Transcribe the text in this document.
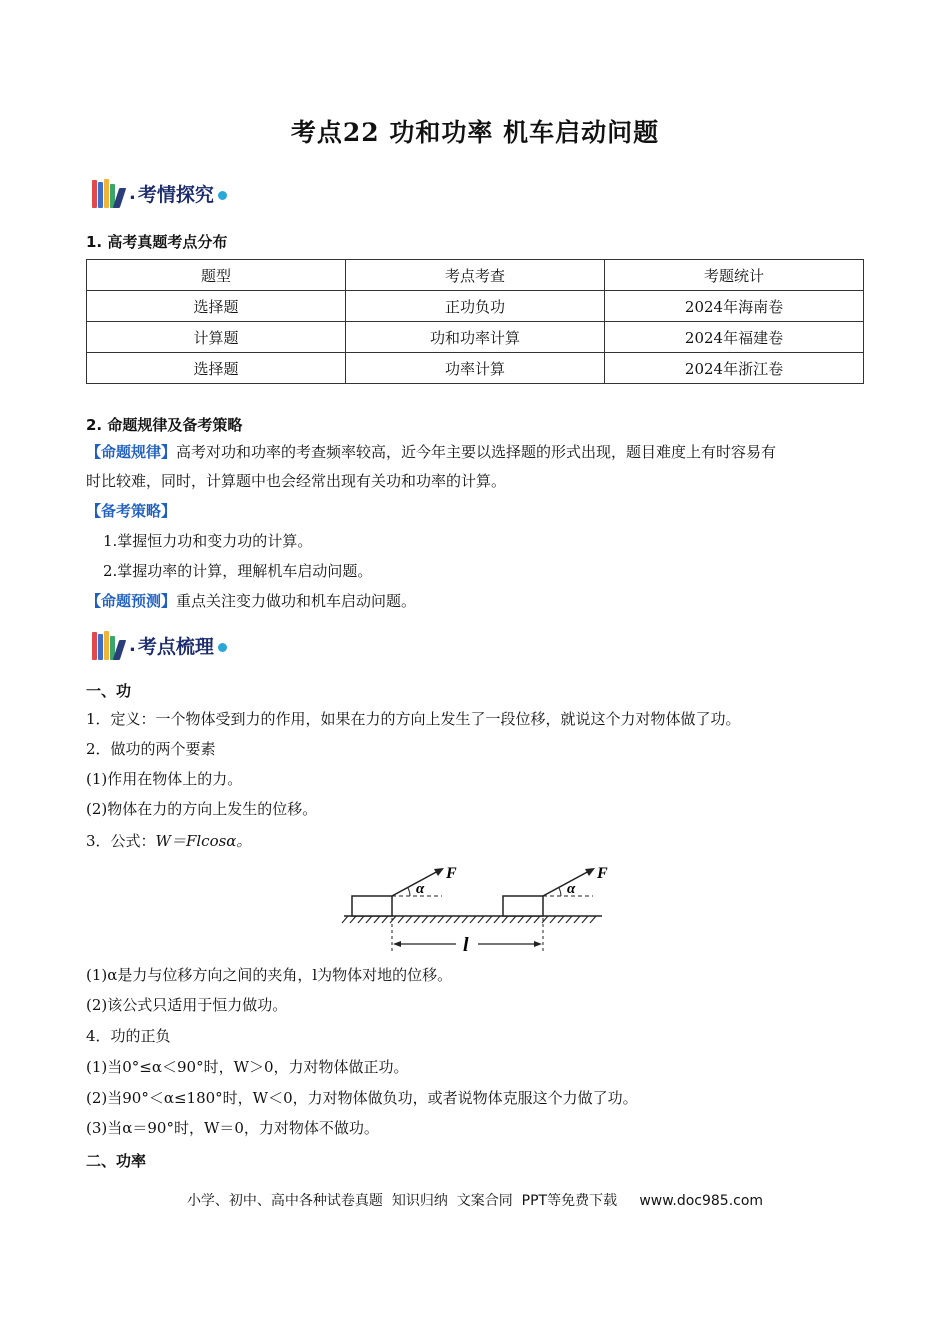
考点22 功和功率 机车启动问题
. 考情探究
1. 高考真题考点分布
题型	考点考查	考题统计
选择题	正功负功	2024年海南卷
计算题	功和功率计算	2024年福建卷
选择题	功率计算	2024年浙江卷
2. 命题规律及备考策略
【命题规律】高考对功和功率的考查频率较高，近今年主要以选择题的形式出现，题目难度上有时容易有
时比较难，同时，计算题中也会经常出现有关功和功率的计算。
【备考策略】
1.掌握恒力功和变力功的计算。
2.掌握功率的计算，理解机车启动问题。
【命题预测】重点关注变力做功和机车启动问题。
. 考点梳理
一、功
1．定义：一个物体受到力的作用，如果在力的方向上发生了一段位移，就说这个力对物体做了功。
2．做功的两个要素
(1)作用在物体上的力。
(2)物体在力的方向上发生的位移。
3．公式：W＝Flcosα。
F
α
F
α
l
(1)α是力与位移方向之间的夹角，l为物体对地的位移。
(2)该公式只适用于恒力做功。
4．功的正负
(1)当0°≤α＜90°时，W＞0，力对物体做正功。
(2)当90°＜α≤180°时，W＜0，力对物体做负功，或者说物体克服这个力做了功。
(3)当α＝90°时，W＝0，力对物体不做功。
二、功率
小学、初中、高中各种试卷真题  知识归纳  文案合同  PPT等免费下载     www.doc985.com
